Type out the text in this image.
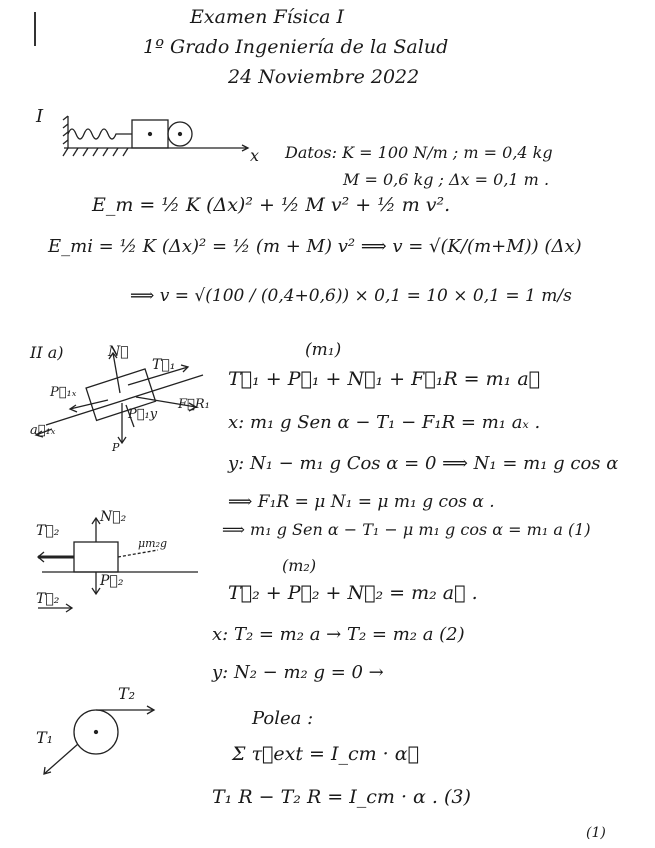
Examen Física I
1º Grado Ingeniería de la Salud
24 Noviembre 2022
I
x Datos: K = 100 N/m ; m = 0,4 kg
M = 0,6 kg ; Δx = 0,1 m .
E_m = ½ K (Δx)² + ½ M v² + ½ m v².
E_mi = ½ K (Δx)² = ½ (m + M) v² ⟹ v = √(K/(m+M)) (Δx)
⟹ v = √(100 / (0,4+0,6)) × 0,1 = 10 × 0,1 = 1 m/s
II a)	N⃗
T⃗₁
P⃗₁ₓ
F⃗R₁
a⃗₁ₓ
P⃗₁y
P
(m₁)
T⃗₁ + P⃗₁ + N⃗₁ + F⃗₁R = m₁ a⃗
x: m₁ g Sen α − T₁ − F₁R = m₁ aₓ .
y: N₁ − m₁ g Cos α = 0 ⟹ N₁ = m₁ g cos α
⟹ F₁R = μ N₁ = μ m₁ g cos α .
⟹ m₁ g Sen α − T₁ − μ m₁ g cos α = m₁ a (1)
N⃗₂
T⃗₂
μm₂g
P⃗₂
T⃗₂
(m₂)
T⃗₂ + P⃗₂ + N⃗₂ = m₂ a⃗ .
x: T₂ = m₂ a → T₂ = m₂ a (2)
y: N₂ − m₂ g = 0 →
T₂
T₁
Polea :
Σ τ⃗ext = I_cm · α⃗
T₁ R − T₂ R = I_cm · α . (3)
(1)
